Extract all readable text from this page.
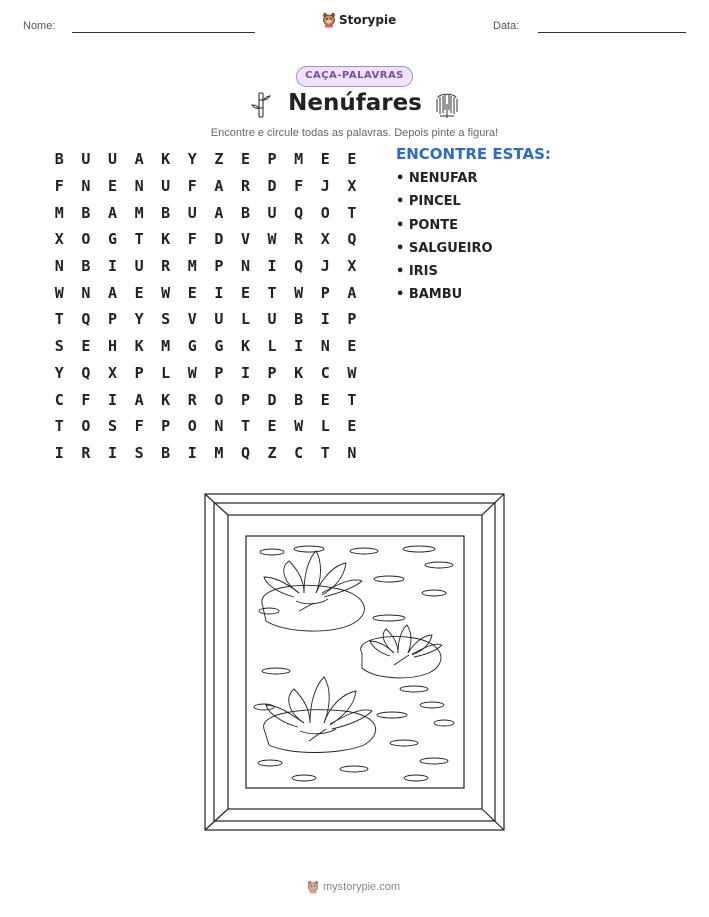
Nome:	Storypie	Data:
CAÇA-PALAVRAS
Nenúfares
Encontre e circule todas as palavras. Depois pinte a figura!
B	U	U	A	K	Y	Z	E	P	M	E	E
F	N	E	N	U	F	A	R	D	F	J	X
M	B	A	M	B	U	A	B	U	Q	O	T
X	O	G	T	K	F	D	V	W	R	X	Q
N	B	I	U	R	M	P	N	I	Q	J	X
W	N	A	E	W	E	I	E	T	W	P	A
T	Q	P	Y	S	V	U	L	U	B	I	P
S	E	H	K	M	G	G	K	L	I	N	E
Y	Q	X	P	L	W	P	I	P	K	C	W
C	F	I	A	K	R	O	P	D	B	E	T
T	O	S	F	P	O	N	T	E	W	L	E
I	R	I	S	B	I	M	Q	Z	C	T	N
ENCONTRE ESTAS:
• NENUFAR
• PINCEL
• PONTE
• SALGUEIRO
• IRIS
• BAMBU
mystorypie.com
